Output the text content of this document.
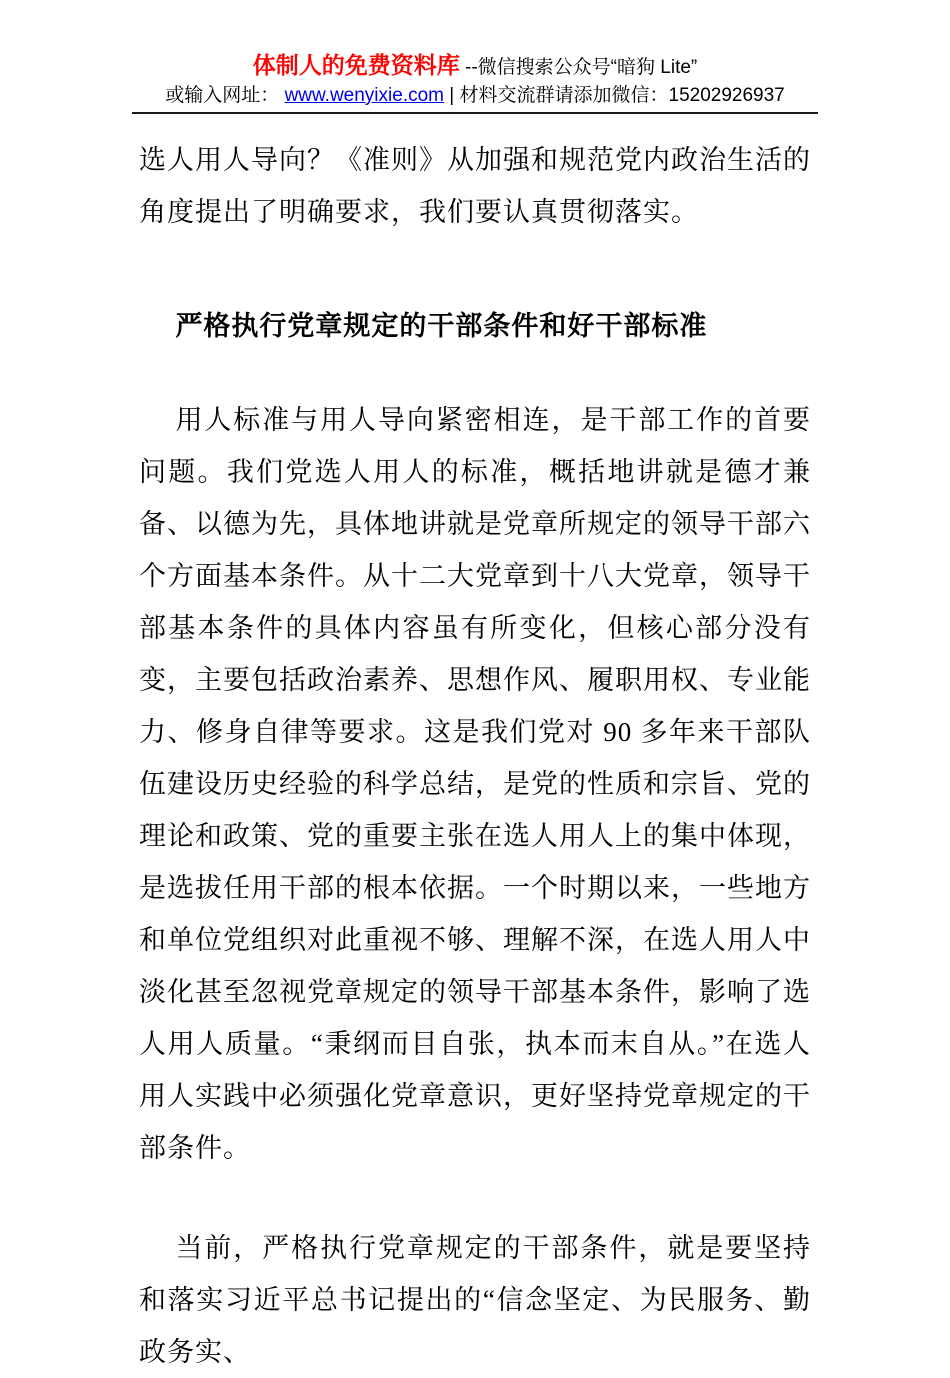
体制人的免费资料库 --微信搜索公众号“暗狗 Lite”
或输入网址： www.wenyixie.com | 材料交流群请添加微信：15202926937

选人用人导向？《准则》从加强和规范党内政治生活的角度提出了明确要求，我们要认真贯彻落实。

严格执行党章规定的干部条件和好干部标准

用人标准与用人导向紧密相连，是干部工作的首要问题。我们党选人用人的标准，概括地讲就是德才兼备、以德为先，具体地讲就是党章所规定的领导干部六个方面基本条件。从十二大党章到十八大党章，领导干部基本条件的具体内容虽有所变化，但核心部分没有变，主要包括政治素养、思想作风、履职用权、专业能力、修身自律等要求。这是我们党对 90 多年来干部队伍建设历史经验的科学总结，是党的性质和宗旨、党的理论和政策、党的重要主张在选人用人上的集中体现，是选拔任用干部的根本依据。一个时期以来，一些地方和单位党组织对此重视不够、理解不深，在选人用人中淡化甚至忽视党章规定的领导干部基本条件，影响了选人用人质量。“秉纲而目自张，执本而末自从。”在选人用人实践中必须强化党章意识，更好坚持党章规定的干部条件。

当前，严格执行党章规定的干部条件，就是要坚持和落实习近平总书记提出的“信念坚定、为民服务、勤政务实、
